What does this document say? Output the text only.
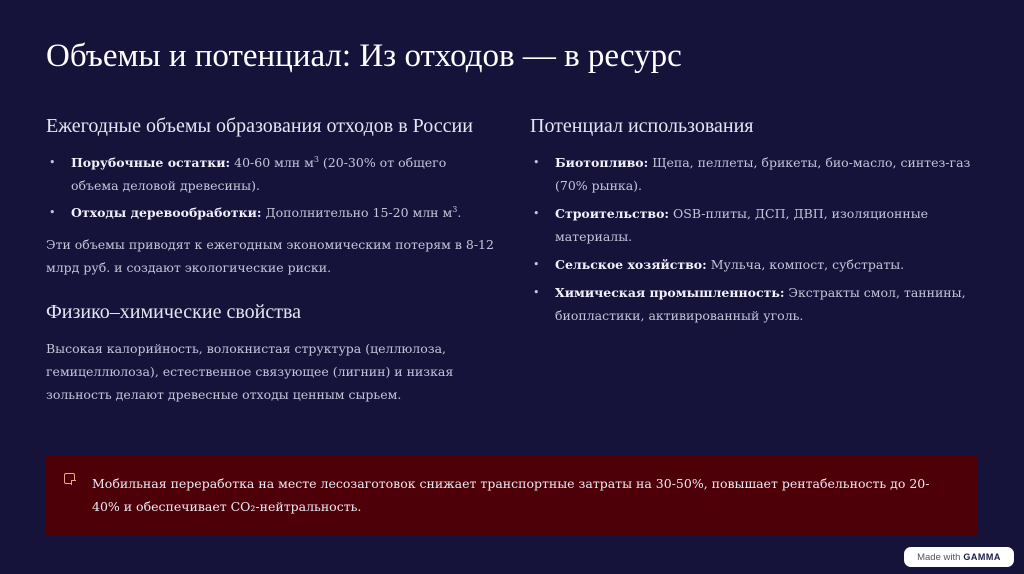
Объемы и потенциал: Из отходов — в ресурс
Ежегодные объемы образования отходов в России
• Порубочные остатки: 40-60 млн $м^3$ (20-30% от общего объема деловой древесины).
• Отходы деревообработки: Дополнительно 15-20 млн $м^3$.

Эти объемы приводят к ежегодным экономическим потерям в 8-12 млрд руб. и создают экологические риски.

Физико–химические свойства

Высокая калорийность, волокнистая структура (целлюлоза, гемицеллюлоза), естественное связующее (лигнин) и низкая зольность делают древесные отходы ценным сырьем.

Потенциал использования
• Биотопливо: Щепа, пеллеты, брикеты, био-масло, синтез-газ (70% рынка).
• Строительство: OSB-плиты, ДСП, ДВП, изоляционные материалы.
• Сельское хозяйство: Мульча, компост, субстраты.
• Химическая промышленность: Экстракты смол, таннины, биопластики, активированный уголь.

Мобильная переработка на месте лесозаготовок снижает транспортные затраты на 30-50%, повышает рентабельность до 20-40% и обеспечивает CO₂-нейтральность.

Made with GAMMA
